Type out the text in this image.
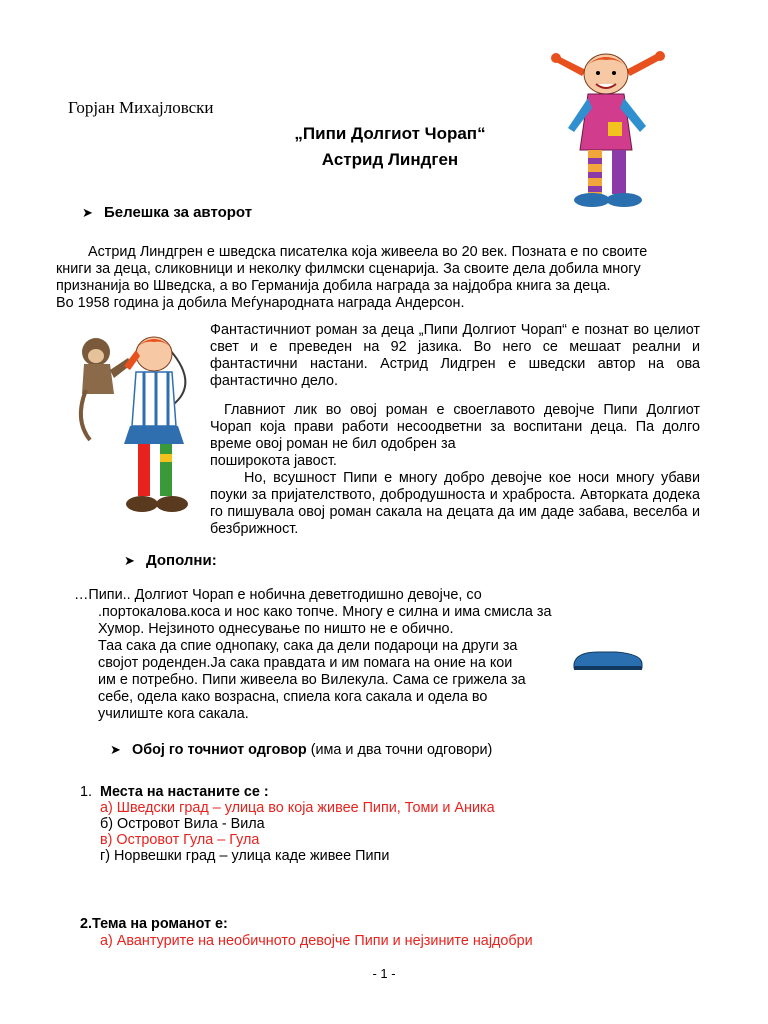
Горјан Михајловски
„Пипи Долгиот Чорап“
Астрид Линдген
➤ Белешка за авторот
Астрид Линдгрен е шведска писателка која живеела во 20 век. Позната е по своите
книги за деца, сликовници и неколку филмски сценарија. За своите дела добила многу
признанија во Шведска, а во Германија добила награда за најдобра книга за деца.
Во 1958 година ја добила Меѓународната награда Андерсон.
Фантастичниот роман за деца „Пипи Долгиот Чорап“ е познат во целиот свет и е преведен на 92 јазика. Во него се мешаат реални и фантастични настани. Астрид Лидгрен е шведски автор на ова фантастично дело.
Главниот лик во овој роман е своеглавото девојче Пипи Долгиот Чорап која прави работи несоодветни за воспитани деца. Па долго време овој роман не бил одобрен за
поширокота јавост.
Но, всушност Пипи е многу добро девојче кое носи многу убави поуки за пријателството, добродушноста и храброста. Авторката додека го пишувала овој роман сакала на децата да им даде забава, веселба и безбрижност.
➤ Дополни:
…Пипи.. Долгиот Чорап е нобична деветгодишно девојче, со
.портокалова.коса и нос како топче. Многу е силна и има смисла за
Хумор. Нејзиното однесување по ништо не е обично.
Таа сака да спие однопаку, сака да дели подароци на други за
својот роденден.Ја сака правдата и им помага на оние на кои
им е потребно. Пипи живеела во Вилекула. Сама се грижела за
себе, одела како возрасна, спиела кога сакала и одела во
училиште кога сакала.
➤ Обој го точниот одговор (има и два точни одговори)
1. Места на настаните се :
а) Шведски град – улица во која живее Пипи, Томи и Аника
б) Островот Вила - Вила
в) Островот Гула – Гула
г) Норвешки град – улица каде живее Пипи
2.Тема на романот е:
а) Авантурите на необичното девојче Пипи и нејзините најдобри
- 1 -
